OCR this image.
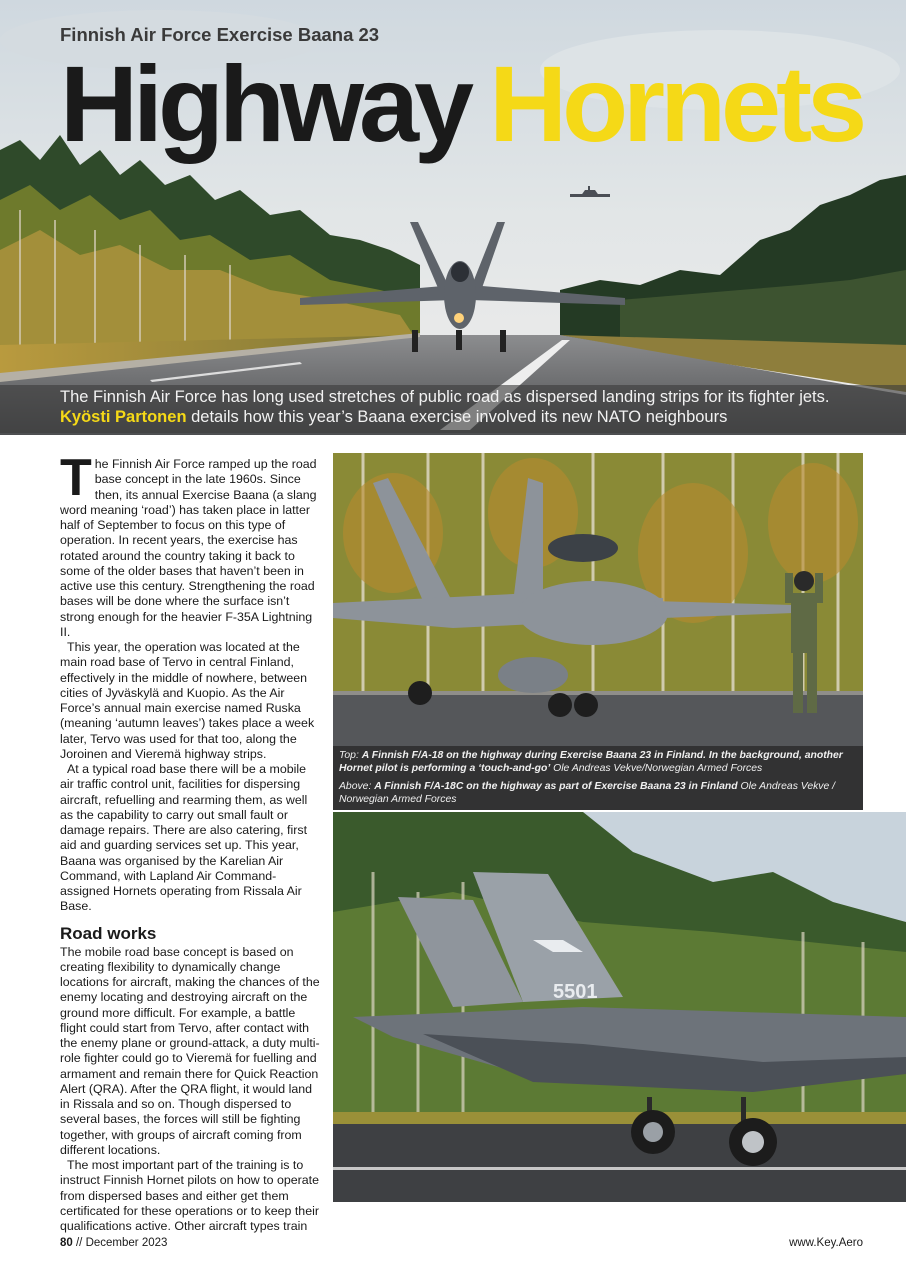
Finnish Air Force Exercise Baana 23
Highway Hornets
The Finnish Air Force has long used stretches of public road as dispersed landing strips for its fighter jets.
Kyösti Partonen details how this year’s Baana exercise involved its new NATO neighbours

The Finnish Air Force ramped up the road base concept in the late 1960s. Since then, its annual Exercise Baana (a slang word meaning ‘road’) has taken place in latter half of September to focus on this type of operation. In recent years, the exercise has rotated around the country taking it back to some of the older bases that haven’t been in active use this century. Strengthening the road bases will be done where the surface isn’t strong enough for the heavier F-35A Lightning II.

This year, the operation was located at the main road base of Tervo in central Finland, effectively in the middle of nowhere, between cities of Jyväskylä and Kuopio. As the Air Force’s annual main exercise named Ruska (meaning ‘autumn leaves’) takes place a week later, Tervo was used for that too, along the Joroinen and Vieremä highway strips.

At a typical road base there will be a mobile air traffic control unit, facilities for dispersing aircraft, refuelling and rearming them, as well as the capability to carry out small fault or damage repairs. There are also catering, first aid and guarding services set up. This year, Baana was organised by the Karelian Air Command, with Lapland Air Command-assigned Hornets operating from Rissala Air Base.

Road works

The mobile road base concept is based on creating flexibility to dynamically change locations for aircraft, making the chances of the enemy locating and destroying aircraft on the ground more difficult. For example, a battle flight could start from Tervo, after contact with the enemy plane or ground-attack, a duty multi-role fighter could go to Vieremä for fuelling and armament and remain there for Quick Reaction Alert (QRA). After the QRA flight, it would land in Rissala and so on. Though dispersed to several bases, the forces will still be fighting together, with groups of aircraft coming from different locations.

The most important part of the training is to instruct Finnish Hornet pilots on how to operate from dispersed bases and either get them certificated for these operations or to keep their qualifications active. Other aircraft types train

Top: A Finnish F/A-18 on the highway during Exercise Baana 23 in Finland. In the background, another Hornet pilot is performing a ‘touch-and-go’ Ole Andreas Vekve/Norwegian Armed Forces

Above: A Finnish F/A-18C on the highway as part of Exercise Baana 23 in Finland Ole Andreas Vekve / Norwegian Armed Forces

5501
80 // December 2023	www.Key.Aero
